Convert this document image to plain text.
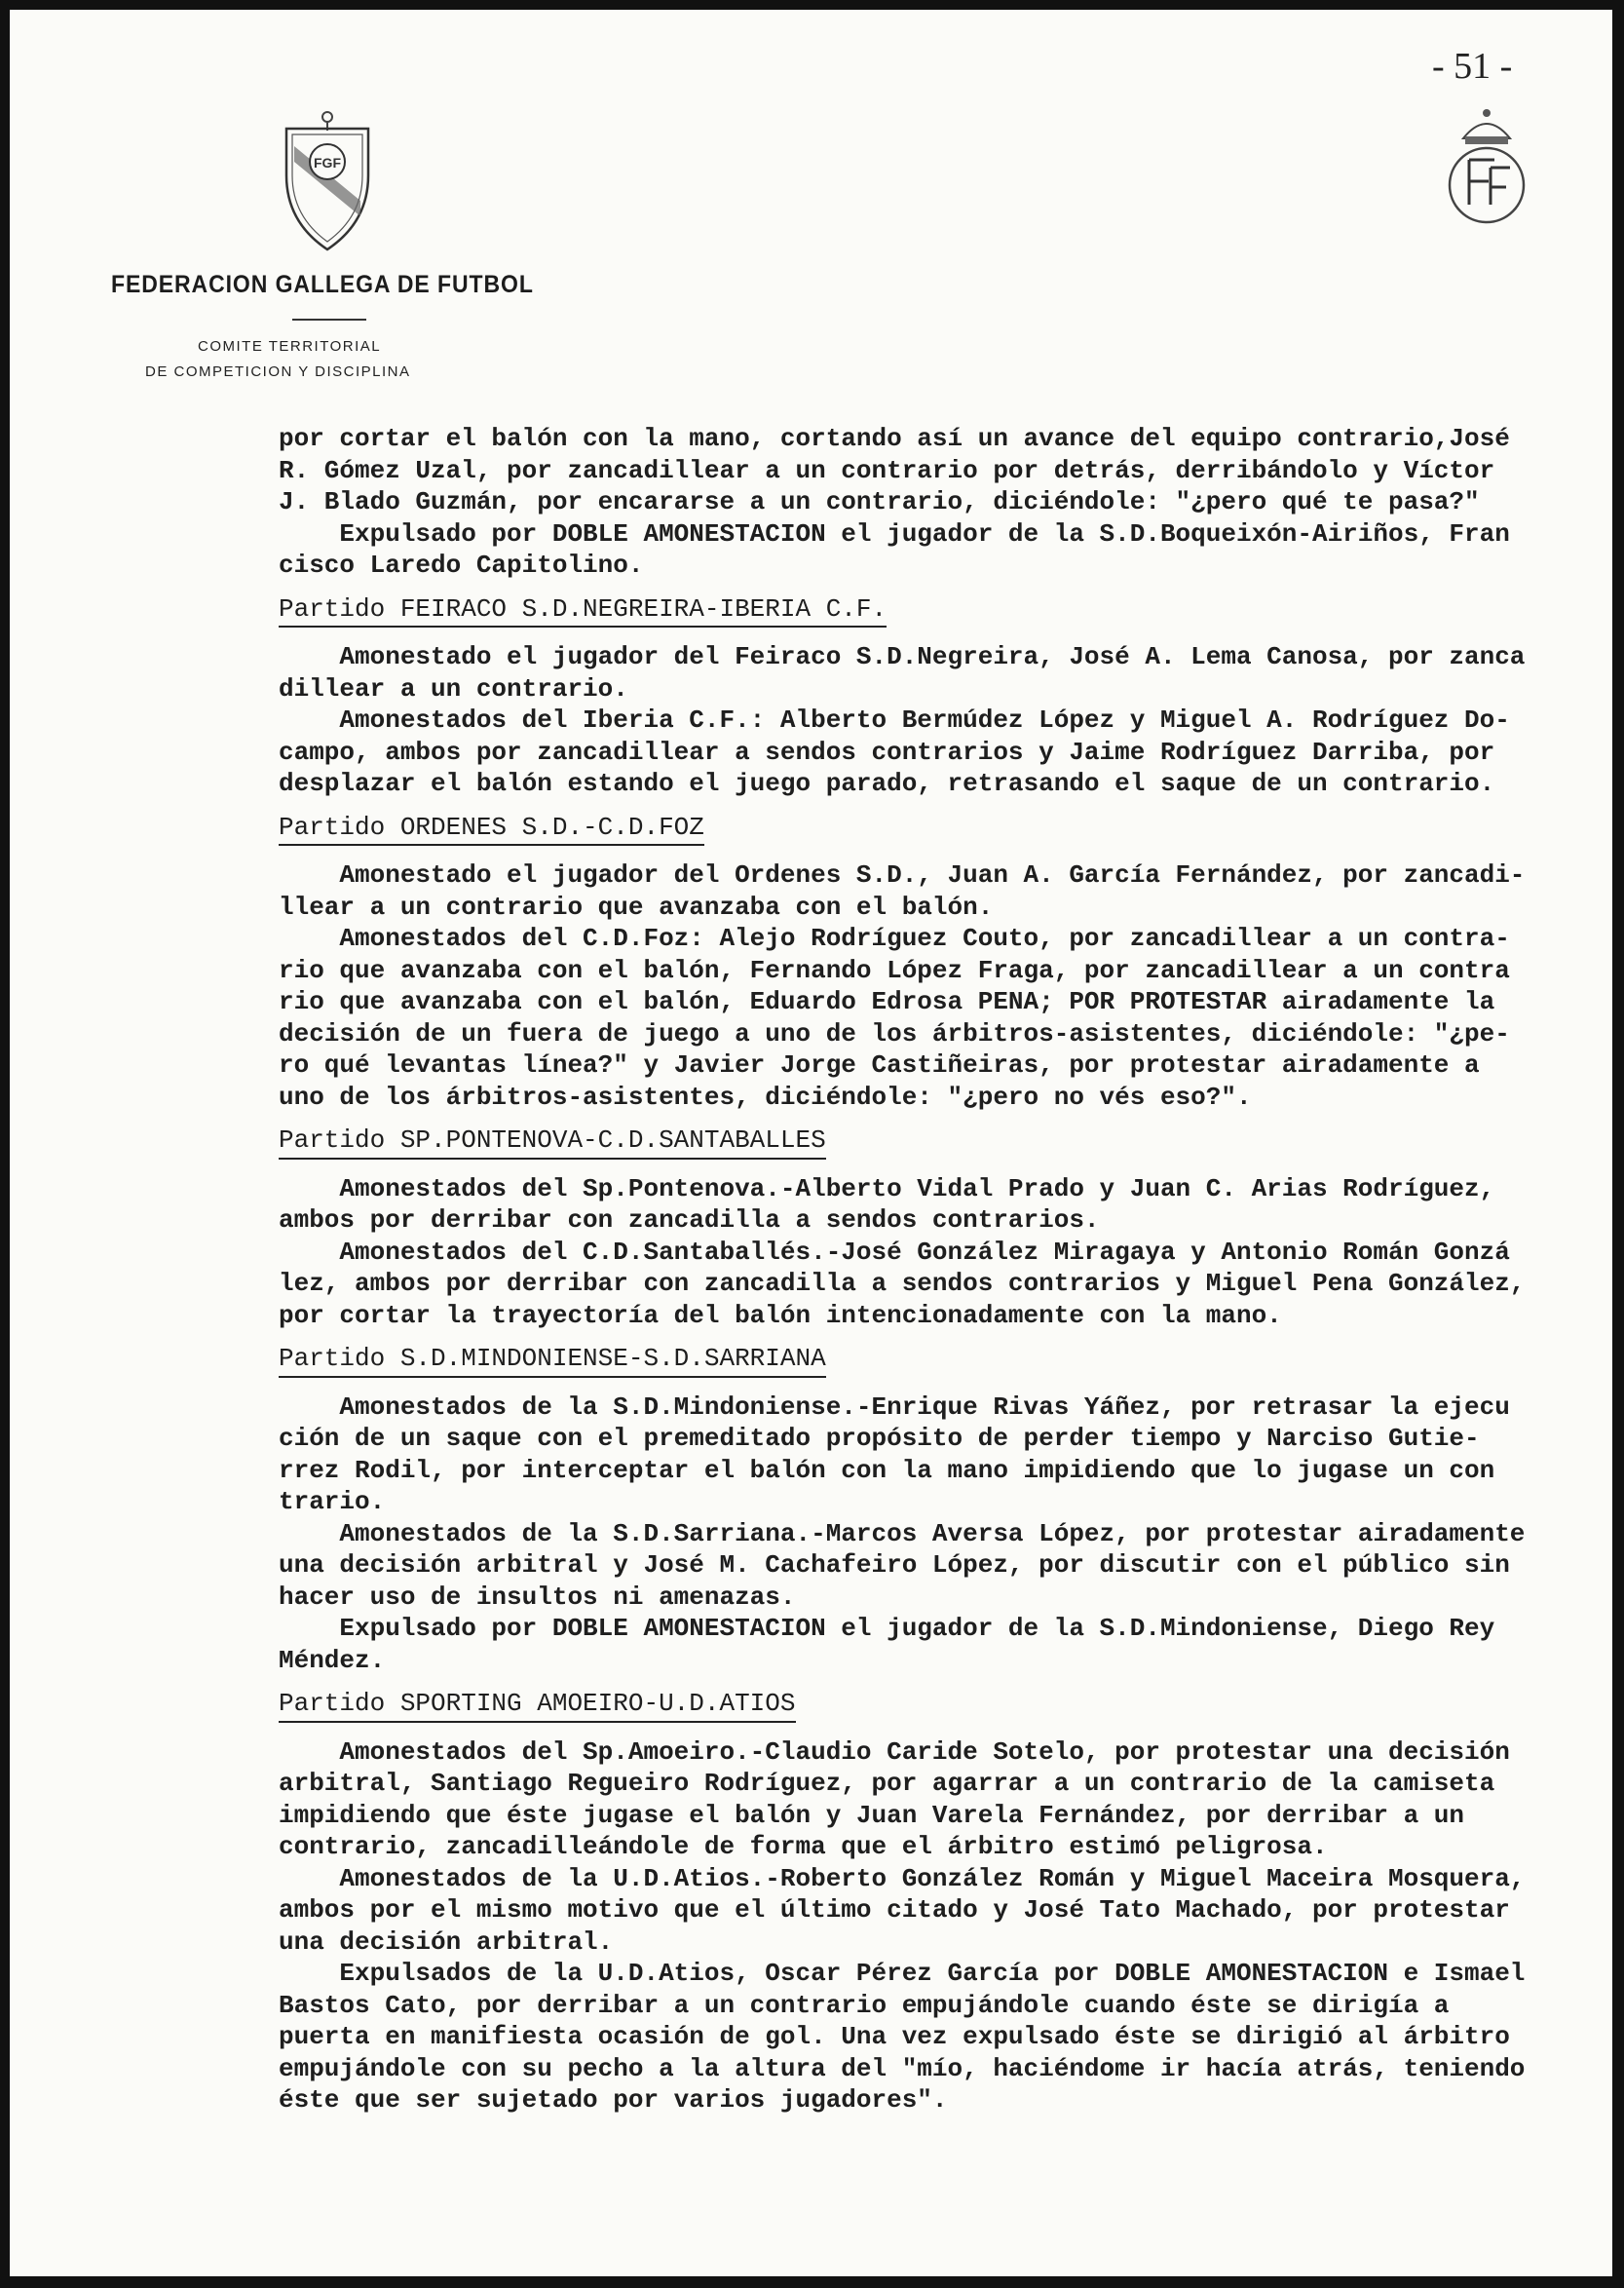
- 51 -
FGF
FEDERACION GALLEGA DE FUTBOL
COMITE TERRITORIAL
DE COMPETICION Y DISCIPLINA

por cortar el balón con la mano, cortando así un avance del equipo contrario,José

R. Gómez Uzal, por zancadillear a un contrario por detrás, derribándolo y Víctor

J. Blado Guzmán, por encararse a un contrario, diciéndole: "¿pero qué te pasa?"

Expulsado por DOBLE AMONESTACION el jugador de la S.D.Boqueixón-Airiños, Fran

cisco Laredo Capitolino.

Partido FEIRACO S.D.NEGREIRA-IBERIA C.F.

Amonestado el jugador del Feiraco S.D.Negreira, José A. Lema Canosa, por zanca

dillear a un contrario.

Amonestados del Iberia C.F.: Alberto Bermúdez López y Miguel A. Rodríguez Do-

campo, ambos por zancadillear a sendos contrarios y Jaime Rodríguez Darriba, por

desplazar el balón estando el juego parado, retrasando el saque de un contrario.

Partido ORDENES S.D.-C.D.FOZ

Amonestado el jugador del Ordenes S.D., Juan A. García Fernández, por zancadi-

llear a un contrario que avanzaba con el balón.

Amonestados del C.D.Foz: Alejo Rodríguez Couto, por zancadillear a un contra-

rio que avanzaba con el balón, Fernando López Fraga, por zancadillear a un contra

rio que avanzaba con el balón, Eduardo Edrosa PENA; POR PROTESTAR airadamente la

decisión de un fuera de juego a uno de los árbitros-asistentes, diciéndole: "¿pe-

ro qué levantas línea?" y Javier Jorge Castiñeiras, por protestar airadamente a

uno de los árbitros-asistentes, diciéndole: "¿pero no vés eso?".

Partido SP.PONTENOVA-C.D.SANTABALLES

Amonestados del Sp.Pontenova.-Alberto Vidal Prado y Juan C. Arias Rodríguez,

ambos por derribar con zancadilla a sendos contrarios.

Amonestados del C.D.Santaballés.-José González Miragaya y Antonio Román Gonzá

lez, ambos por derribar con zancadilla a sendos contrarios y Miguel Pena González,

por cortar la trayectoría del balón intencionadamente con la mano.

Partido S.D.MINDONIENSE-S.D.SARRIANA

Amonestados de la S.D.Mindoniense.-Enrique Rivas Yáñez, por retrasar la ejecu

ción de un saque con el premeditado propósito de perder tiempo y Narciso Gutie-

rrez Rodil, por interceptar el balón con la mano impidiendo que lo jugase un con

trario.

Amonestados de la S.D.Sarriana.-Marcos Aversa López, por protestar airadamente

una decisión arbitral y José M. Cachafeiro López, por discutir con el público sin

hacer uso de insultos ni amenazas.

Expulsado por DOBLE AMONESTACION el jugador de la S.D.Mindoniense, Diego Rey

Méndez.

Partido SPORTING AMOEIRO-U.D.ATIOS

Amonestados del Sp.Amoeiro.-Claudio Caride Sotelo, por protestar una decisión

arbitral, Santiago Regueiro Rodríguez, por agarrar a un contrario de la camiseta

impidiendo que éste jugase el balón y Juan Varela Fernández, por derribar a un

contrario, zancadilleándole de forma que el árbitro estimó peligrosa.

Amonestados de la U.D.Atios.-Roberto González Román y Miguel Maceira Mosquera,

ambos por el mismo motivo que el último citado y José Tato Machado, por protestar

una decisión arbitral.

Expulsados de la U.D.Atios, Oscar Pérez García por DOBLE AMONESTACION e Ismael

Bastos Cato, por derribar a un contrario empujándole cuando éste se dirigía a

puerta en manifiesta ocasión de gol. Una vez expulsado éste se dirigió al árbitro

empujándole con su pecho a la altura del "mío, haciéndome ir hacía atrás, teniendo

éste que ser sujetado por varios jugadores".
